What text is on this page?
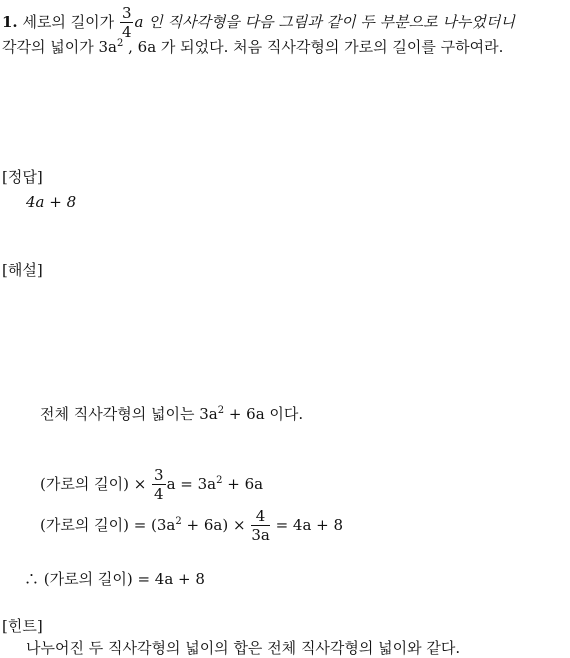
1. 세로의 길이가 $\frac{3}{4}$ a 인 직사각형을 다음 그림과 같이 두 부분으로 나누었더니
각각의 넓이가 $3a^2$ , 6a 가 되었다. 처음 직사각형의 가로의 길이를 구하여라.
[정답]
4a + 8
[해설]
전체 직사각형의 넓이는 $3a^2 + 6a$ 이다.
(가로의 길이) × $\frac{3}{4}$ $a = 3a^2 + 6a$
(가로의 길이) = $(3a^2 + 6a) \times \frac{4}{3a} = 4a + 8$
∴ (가로의 길이) = 4a + 8
[힌트]
나누어진 두 직사각형의 넓이의 합은 전체 직사각형의 넓이와 같다.
